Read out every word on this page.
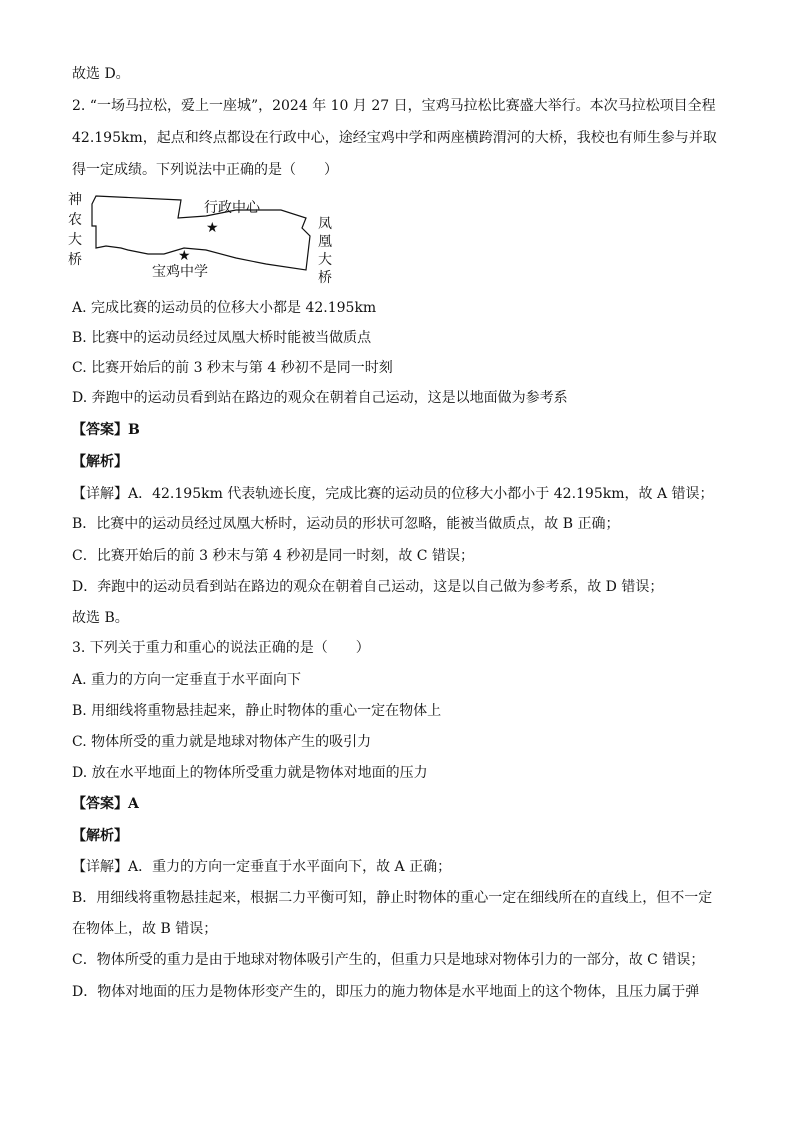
故选 D。
2. “一场马拉松，爱上一座城”，2024 年 10 月 27 日，宝鸡马拉松比赛盛大举行。本次马拉松项目全程
42.195km，起点和终点都设在行政中心，途经宝鸡中学和两座横跨渭河的大桥，我校也有师生参与并取
得一定成绩。下列说法中正确的是（　　）
神
农
大
桥
行政中心
★
★
宝鸡中学
凤
凰
大
桥
A. 完成比赛的运动员的位移大小都是 42.195km
B. 比赛中的运动员经过凤凰大桥时能被当做质点
C. 比赛开始后的前 3 秒末与第 4 秒初不是同一时刻
D. 奔跑中的运动员看到站在路边的观众在朝着自己运动，这是以地面做为参考系
【答案】B
【解析】
【详解】A．42.195km 代表轨迹长度，完成比赛的运动员的位移大小都小于 42.195km，故 A 错误；
B．比赛中的运动员经过凤凰大桥时，运动员的形状可忽略，能被当做质点，故 B 正确；
C．比赛开始后的前 3 秒末与第 4 秒初是同一时刻，故 C 错误；
D．奔跑中的运动员看到站在路边的观众在朝着自己运动，这是以自己做为参考系，故 D 错误；
故选 B。
3. 下列关于重力和重心的说法正确的是（　　）
A. 重力的方向一定垂直于水平面向下
B. 用细线将重物悬挂起来，静止时物体的重心一定在物体上
C. 物体所受的重力就是地球对物体产生的吸引力
D. 放在水平地面上的物体所受重力就是物体对地面的压力
【答案】A
【解析】
【详解】A．重力的方向一定垂直于水平面向下，故 A 正确；
B．用细线将重物悬挂起来，根据二力平衡可知，静止时物体的重心一定在细线所在的直线上，但不一定
在物体上，故 B 错误；
C．物体所受的重力是由于地球对物体吸引产生的，但重力只是地球对物体引力的一部分，故 C 错误；
D．物体对地面的压力是物体形变产生的，即压力的施力物体是水平地面上的这个物体，且压力属于弹
